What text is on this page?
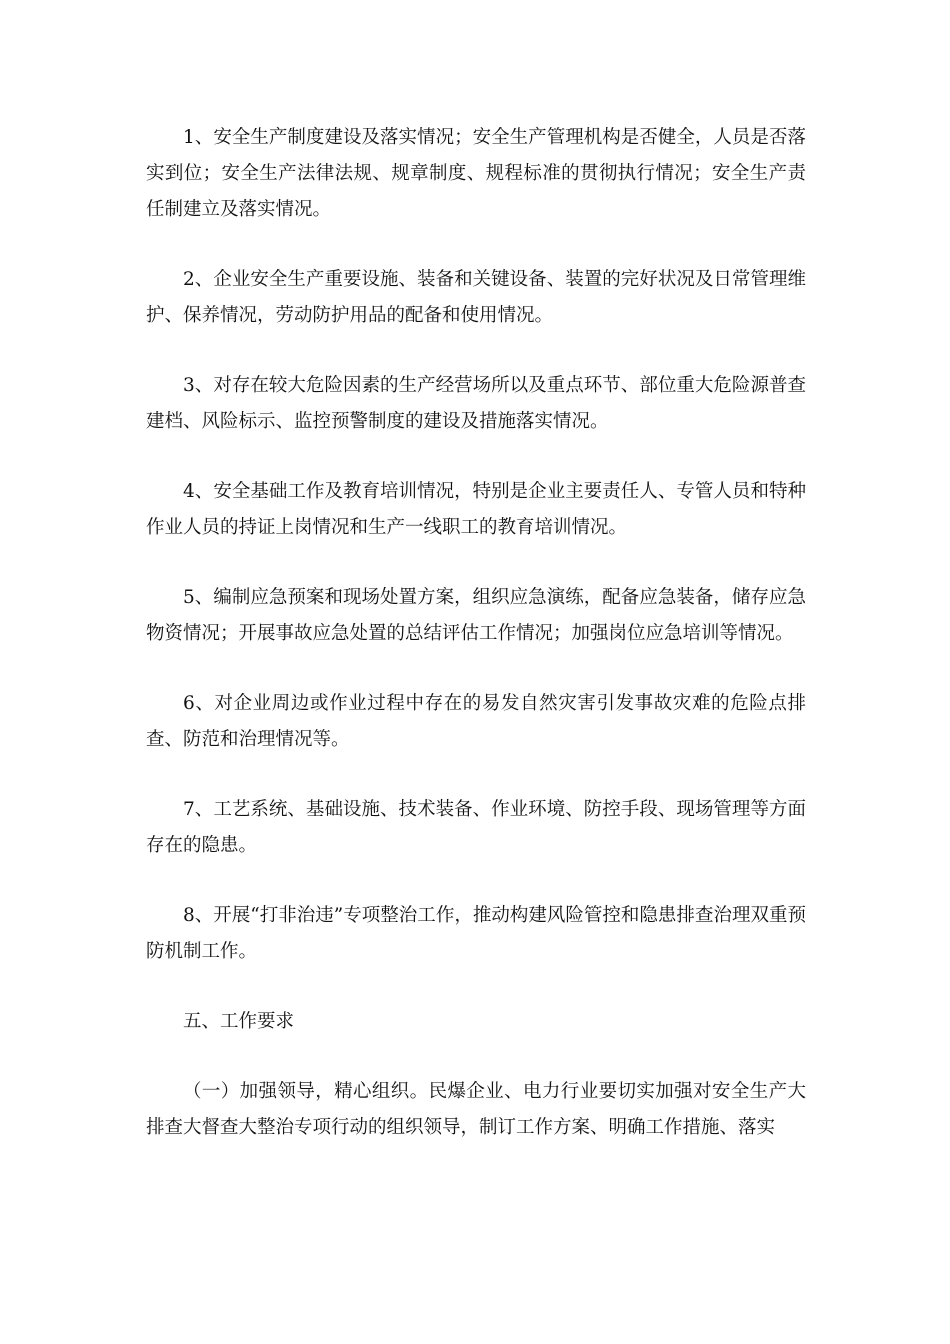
1、安全生产制度建设及落实情况；安全生产管理机构是否健全，人员是否落实到位；安全生产法律法规、规章制度、规程标准的贯彻执行情况；安全生产责任制建立及落实情况。

2、企业安全生产重要设施、装备和关键设备、装置的完好状况及日常管理维护、保养情况，劳动防护用品的配备和使用情况。

3、对存在较大危险因素的生产经营场所以及重点环节、部位重大危险源普查建档、风险标示、监控预警制度的建设及措施落实情况。

4、安全基础工作及教育培训情况，特别是企业主要责任人、专管人员和特种作业人员的持证上岗情况和生产一线职工的教育培训情况。

5、编制应急预案和现场处置方案，组织应急演练，配备应急装备，储存应急物资情况；开展事故应急处置的总结评估工作情况；加强岗位应急培训等情况。

6、对企业周边或作业过程中存在的易发自然灾害引发事故灾难的危险点排查、防范和治理情况等。

7、工艺系统、基础设施、技术装备、作业环境、防控手段、现场管理等方面存在的隐患。

8、开展“打非治违”专项整治工作，推动构建风险管控和隐患排查治理双重预防机制工作。

五、工作要求

（一）加强领导，精心组织。民爆企业、电力行业要切实加强对安全生产大排查大督查大整治专项行动的组织领导，制订工作方案、明确工作措施、落实
